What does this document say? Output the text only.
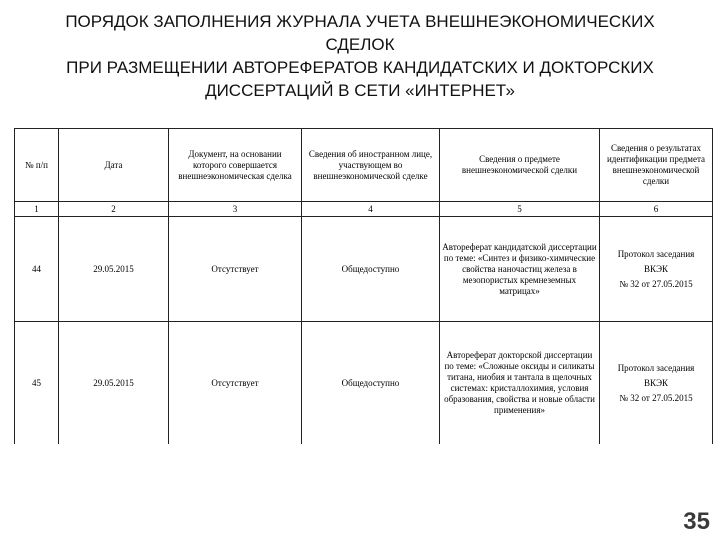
ПОРЯДОК ЗАПОЛНЕНИЯ ЖУРНАЛА УЧЕТА ВНЕШНЕЭКОНОМИЧЕСКИХ
СДЕЛОК
ПРИ РАЗМЕЩЕНИИ АВТОРЕФЕРАТОВ КАНДИДАТСКИХ И ДОКТОРСКИХ
ДИССЕРТАЦИЙ В СЕТИ «ИНТЕРНЕТ»
№ п/п	Дата	Документ, на основании которого совершается внешнеэкономическая сделка	Сведения об иностранном лице, участвующем во внешнеэкономической сделке	Сведения о предмете внешнеэкономической сделки	Сведения о результатах идентификации предмета внешнеэкономической сделки
1	2	3	4	5	6
44	29.05.2015	Отсутствует	Общедоступно	Автореферат кандидатской диссертации по теме: «Синтез и физико-химические свойства наночастиц железа в мезопористых кремнеземных матрицах»	Протокол заседания
ВКЭК
№ 32 от 27.05.2015

45	29.05.2015	Отсутствует	Общедоступно	Автореферат докторской диссертации по теме: «Сложные оксиды и силикаты титана, ниобия и тантала в щелочных системах: кристаллохимия, условия образования, свойства и новые области применения»	Протокол заседания
ВКЭК
№ 32 от 27.05.2015
35
